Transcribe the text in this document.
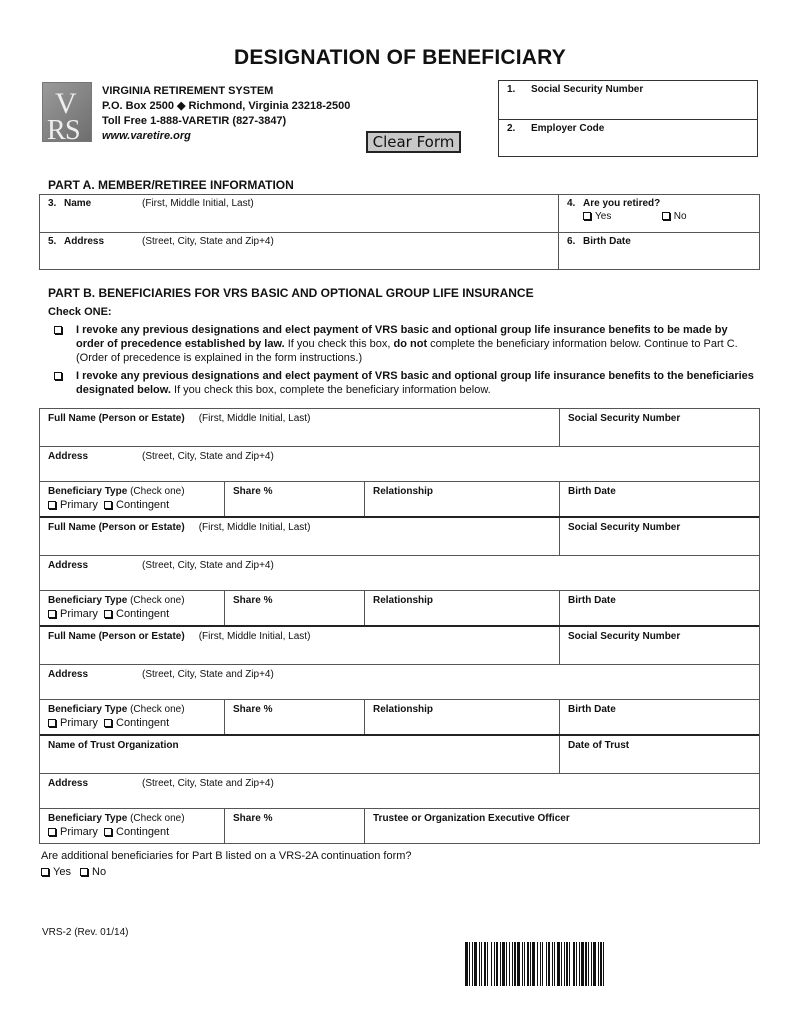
DESIGNATION OF BENEFICIARY
V
R S
VIRGINIA RETIREMENT SYSTEM
P.O. Box 2500 ◆ Richmond, Virginia 23218-2500
Toll Free 1-888-VARETIR (827-3847)
www.varetire.org	Clear Form
1. Social Security Number
2. Employer Code
PART A. MEMBER/RETIREE INFORMATION
3. Name	(First, Middle Initial, Last)	4. Are you retired?
Yes	No
5. Address	(Street, City, State and Zip+4)	6. Birth Date
PART B. BENEFICIARIES FOR VRS BASIC AND OPTIONAL GROUP LIFE INSURANCE
Check ONE:
I revoke any previous designations and elect payment of VRS basic and optional group life insurance benefits to be made by order of precedence established by law. If you check this box, do not complete the beneficiary information below. Continue to Part C. (Order of precedence is explained in the form instructions.)
I revoke any previous designations and elect payment of VRS basic and optional group life insurance benefits to the beneficiaries designated below. If you check this box, complete the beneficiary information below.
Full Name (Person or Estate) (First, Middle Initial, Last)	Social Security Number
Address	(Street, City, State and Zip+4)
Beneficiary Type (Check one)
Primary Contingent
Share %	Relationship	Birth Date
Full Name (Person or Estate) (First, Middle Initial, Last)	Social Security Number
Address	(Street, City, State and Zip+4)
Beneficiary Type (Check one)
Primary Contingent
Share %	Relationship	Birth Date
Full Name (Person or Estate) (First, Middle Initial, Last)	Social Security Number
Address	(Street, City, State and Zip+4)
Beneficiary Type (Check one)
Primary Contingent
Share %	Relationship	Birth Date
Name of Trust Organization	Date of Trust
Address	(Street, City, State and Zip+4)
Beneficiary Type (Check one)
Primary Contingent
Share %	Trustee or Organization Executive Officer
Are additional beneficiaries for Part B listed on a VRS-2A continuation form?
Yes No
VRS-2 (Rev. 01/14)
